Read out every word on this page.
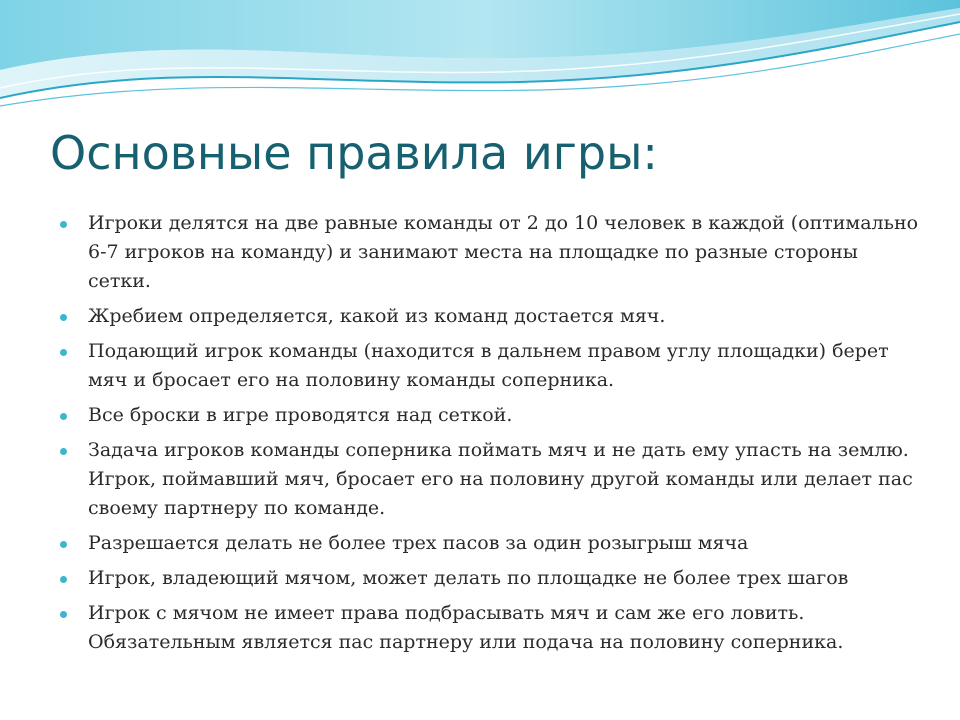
Основные правила игры:
Игроки делятся на две равные команды от 2 до 10 человек в каждой (оптимально 6-7 игроков на команду) и занимают места на площадке по разные стороны сетки.
Жребием определяется, какой из команд достается мяч.
Подающий игрок команды (находится в дальнем правом углу площадки) берет мяч и бросает его на половину команды соперника.
Все броски в игре проводятся над сеткой.
Задача игроков команды соперника поймать мяч и не дать ему упасть на землю. Игрок, поймавший мяч, бросает его на половину другой команды или делает пас своему партнеру по команде.
Разрешается делать не более трех пасов за один розыгрыш мяча
Игрок, владеющий мячом, может делать по площадке не более трех шагов
Игрок с мячом не имеет права подбрасывать мяч и сам же его ловить. Обязательным является пас партнеру или подача на половину соперника.
